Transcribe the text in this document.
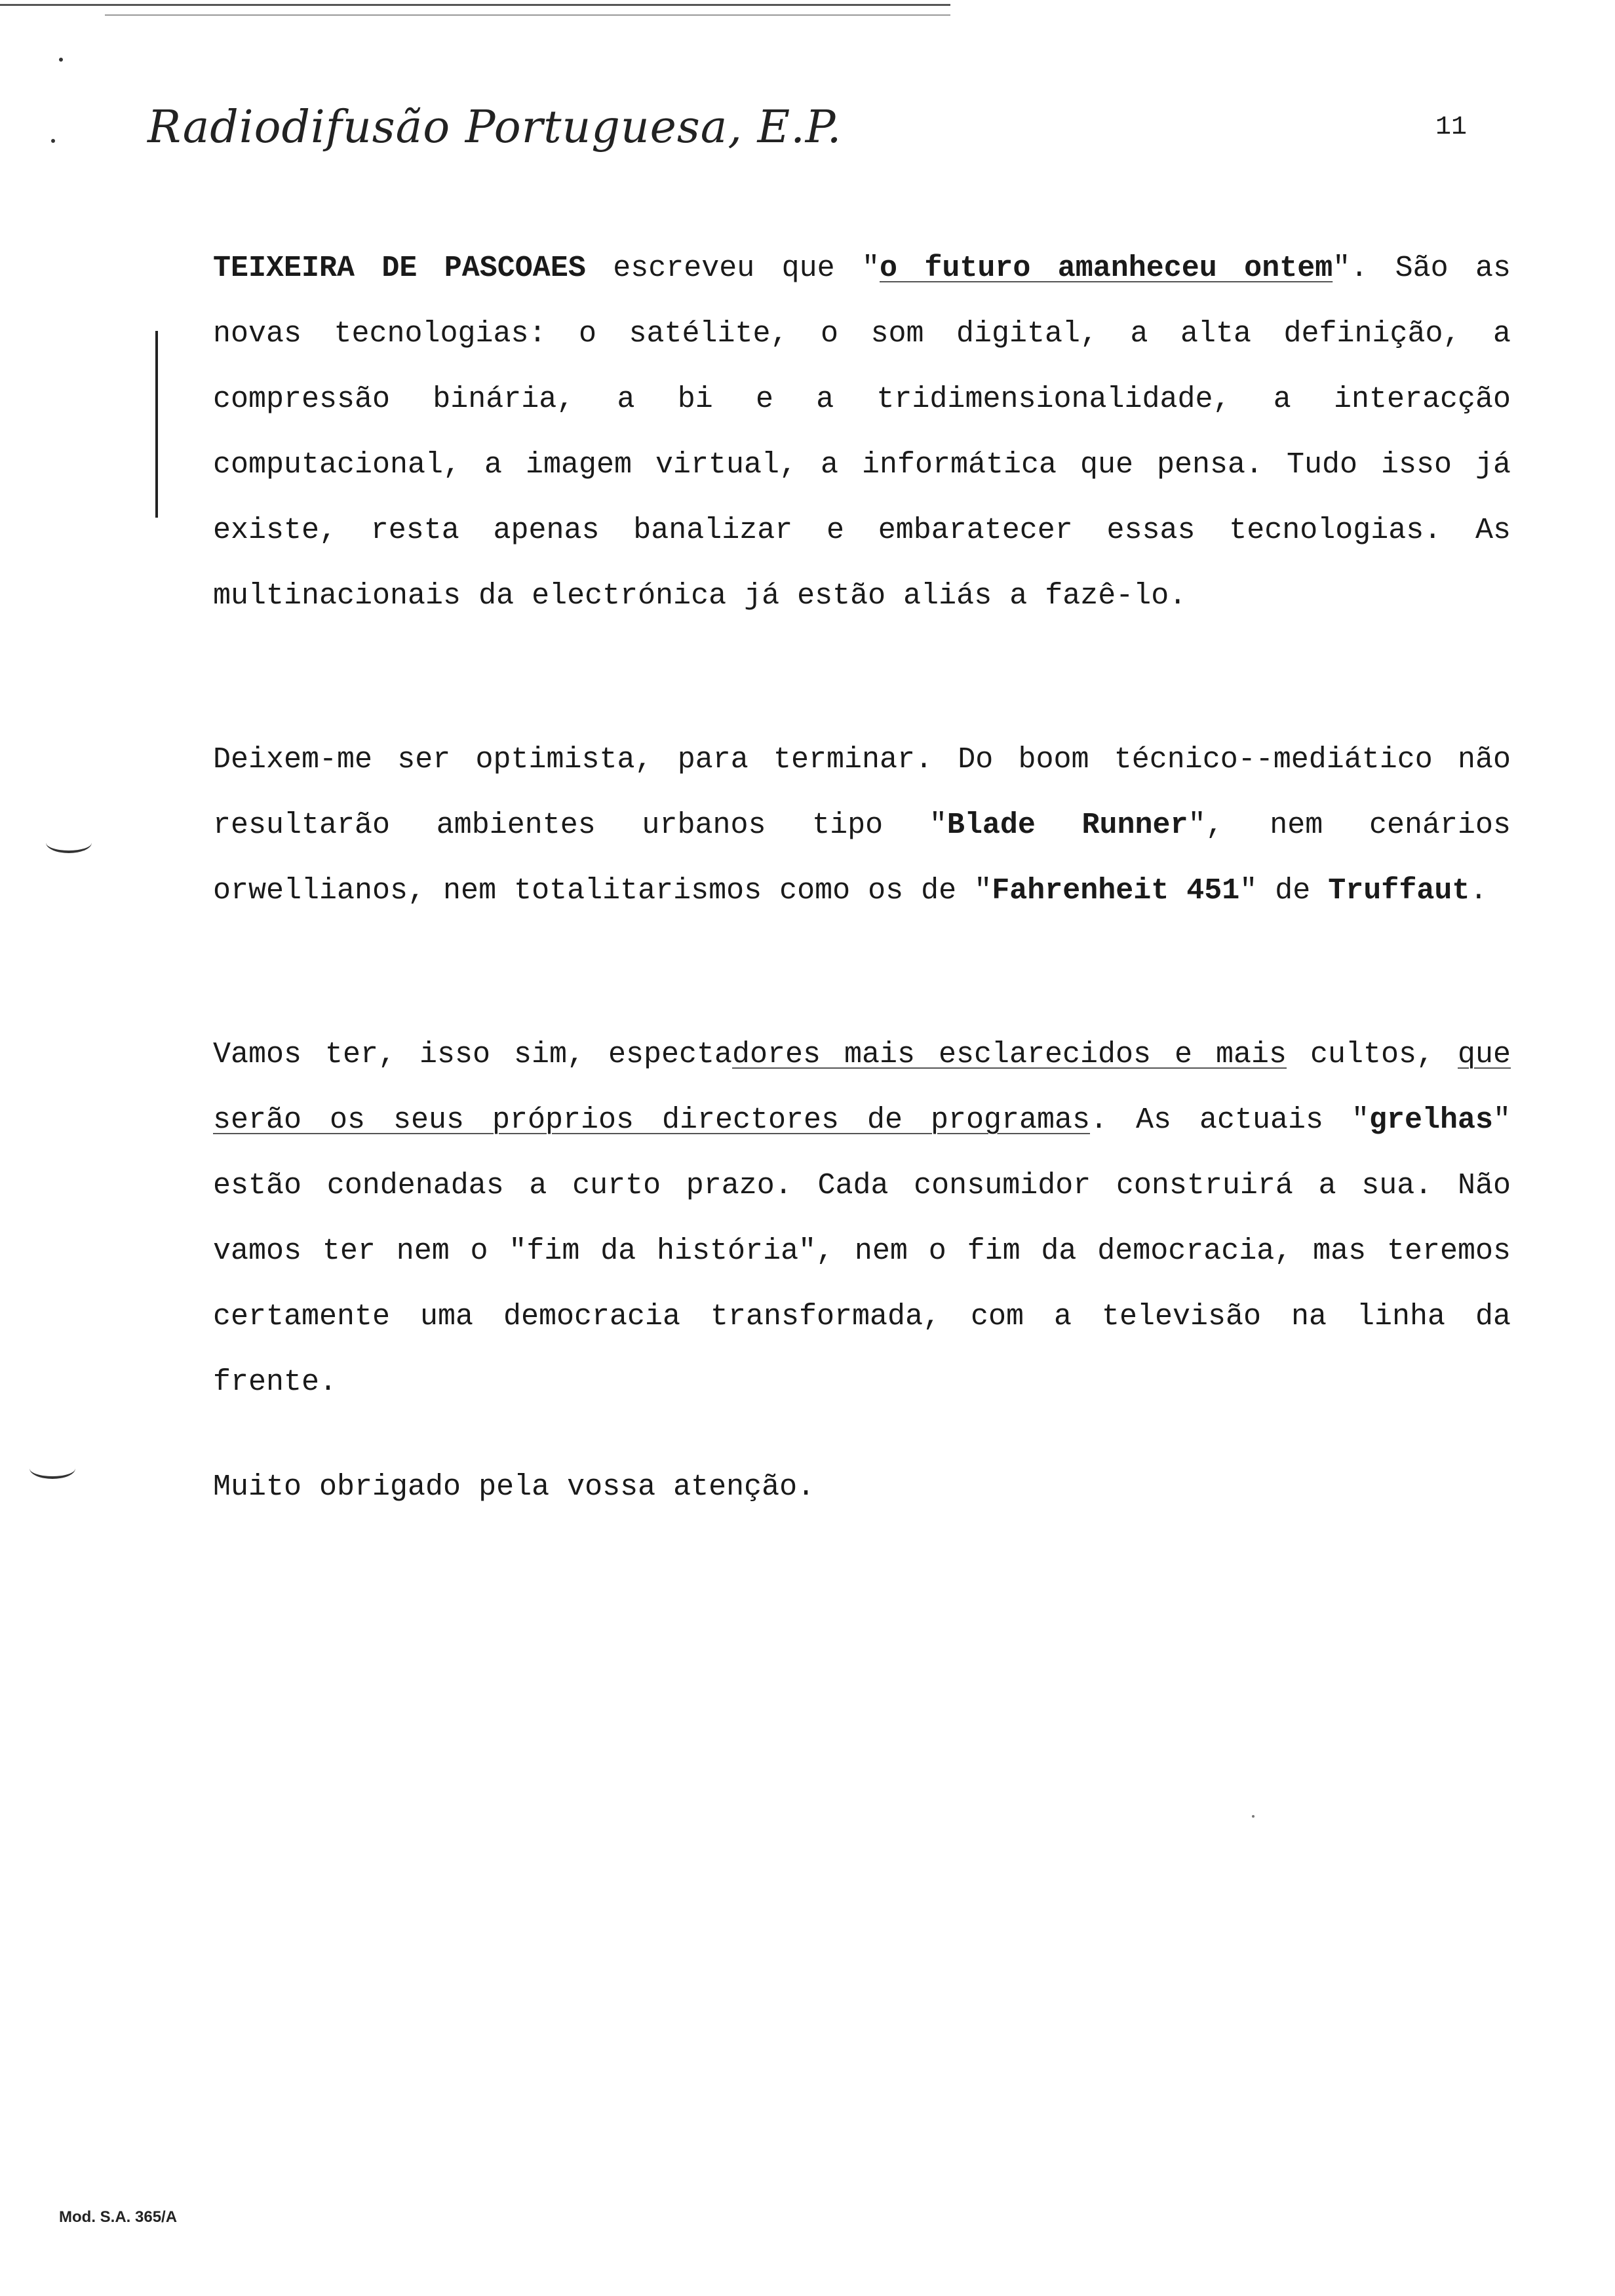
Radiodifusão Portuguesa, E.P.	11

TEIXEIRA DE PASCOAES escreveu que "o futuro amanheceu ontem". São as novas tecnologias: o satélite, o som digital, a alta definição, a compressão binária, a bi e a tridimensionalidade, a interacção computacional, a imagem virtual, a informática que pensa. Tudo isso já existe, resta apenas banalizar e embaratecer essas tecnologias. As multinacionais da electrónica já estão aliás a fazê-lo.

Deixem-me ser optimista, para terminar. Do boom técnico--mediático não resultarão ambientes urbanos tipo "Blade Runner", nem cenários orwellianos, nem totalitarismos como os de "Fahrenheit 451" de Truffaut.

Vamos ter, isso sim, espectadores mais esclarecidos e mais cultos, que serão os seus próprios directores de programas. As actuais "grelhas" estão condenadas a curto prazo. Cada consumidor construirá a sua. Não vamos ter nem o "fim da história", nem o fim da democracia, mas teremos certamente uma democracia transformada, com a televisão na linha da frente.

Muito obrigado pela vossa atenção.

Mod. S.A. 365/A
